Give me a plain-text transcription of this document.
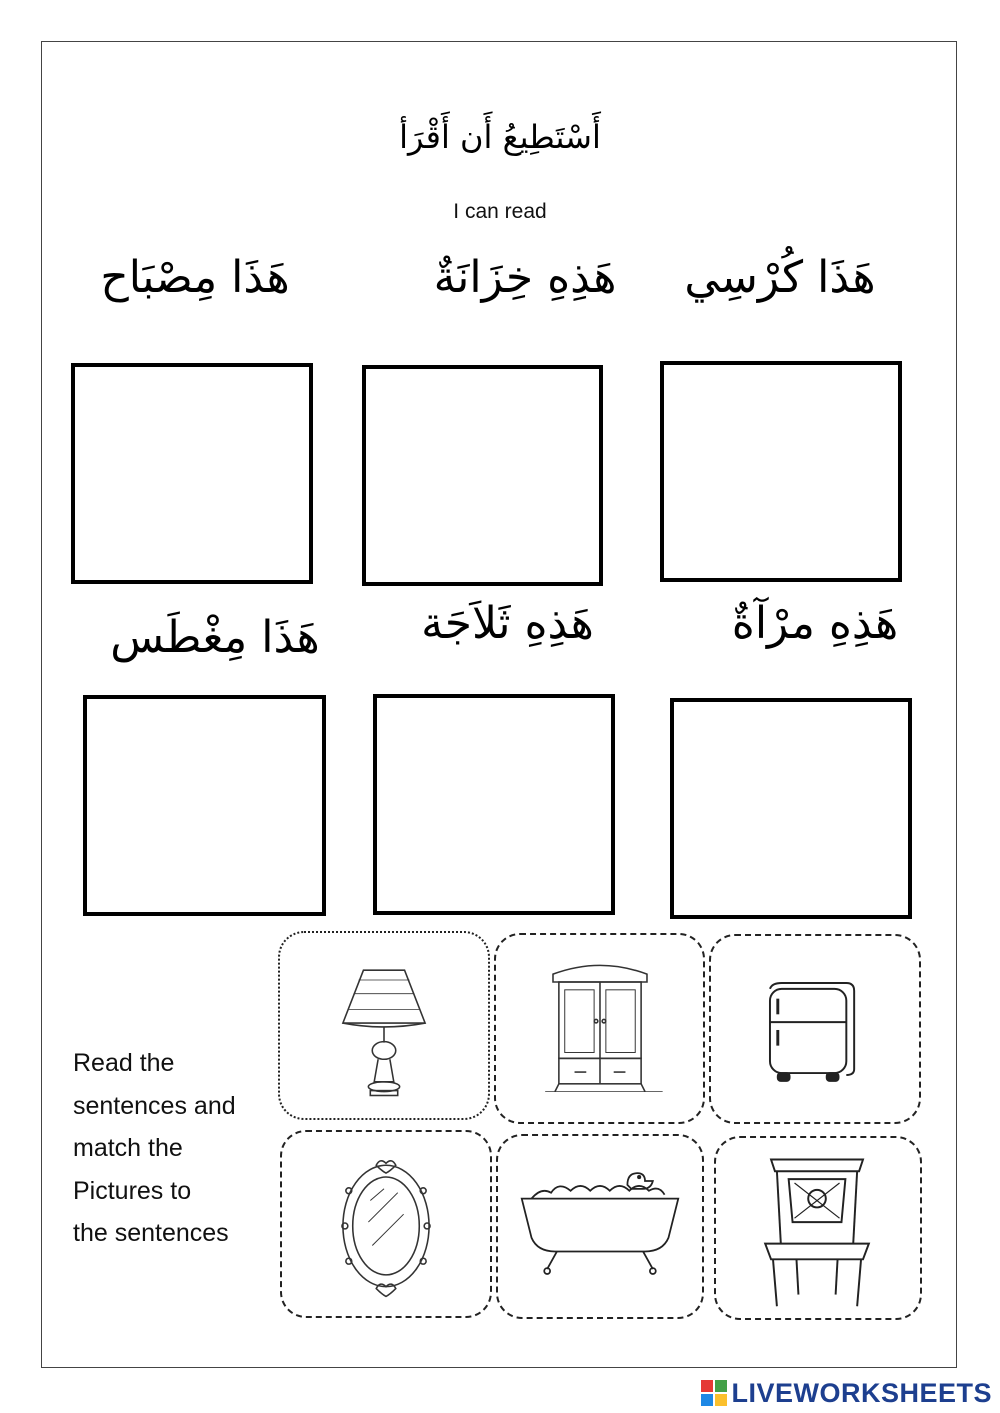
أَسْتَطِيعُ أَن أَقْرَأ
I can read
هَذَا كُرْسِي
هَذِهِ خِزَانَةٌ
هَذَا مِصْبَاح
هَذِهِ مرْآةٌ
هَذِهِ ثَلاَجَة
هَذَا مِغْطَس
Read the
sentences and
match the
Pictures to
the sentences
LIVEWORKSHEETS
